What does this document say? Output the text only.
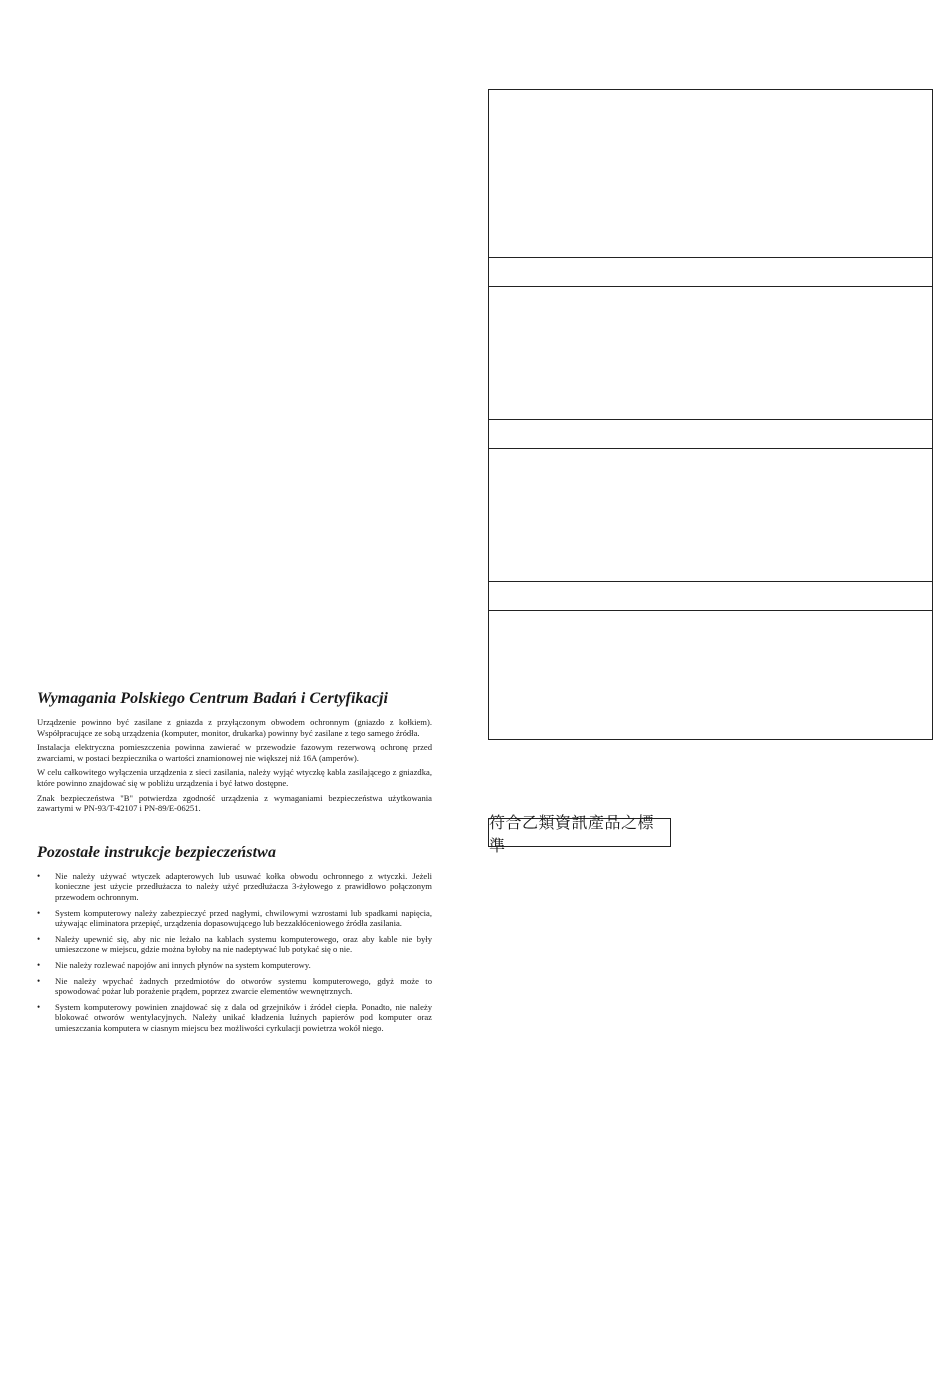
Wymagania Polskiego Centrum Badań i Certyfikacji

Urządzenie powinno być zasilane z gniazda z przyłączonym obwodem ochronnym (gniazdo z kołkiem). Współpracujące ze sobą urządzenia (komputer, monitor, drukarka) powinny być zasilane z tego samego źródła.

Instalacja elektryczna pomieszczenia powinna zawierać w przewodzie fazowym rezerwową ochronę przed zwarciami, w postaci bezpiecznika o wartości znamionowej nie większej niż 16A (amperów).

W celu całkowitego wyłączenia urządzenia z sieci zasilania, należy wyjąć wtyczkę kabla zasilającego z gniazdka, które powinno znajdować się w pobliżu urządzenia i być łatwo dostępne.

Znak bezpieczeństwa "B" potwierdza zgodność urządzenia z wymaganiami bezpieczeństwa użytkowania zawartymi w PN-93/T-42107 i PN-89/E-06251.

Pozostałe instrukcje bezpieczeństwa
• Nie należy używać wtyczek adapterowych lub usuwać kołka obwodu ochronnego z wtyczki. Jeżeli konieczne jest użycie przedłużacza to należy użyć przedłużacza 3-żyłowego z prawidłowo połączonym przewodem ochronnym.
• System komputerowy należy zabezpieczyć przed nagłymi, chwilowymi wzrostami lub spadkami napięcia, używając eliminatora przepięć, urządzenia dopasowującego lub bezzakłóceniowego źródła zasilania.
• Należy upewnić się, aby nic nie leżało na kablach systemu komputerowego, oraz aby kable nie były umieszczone w miejscu, gdzie można byłoby na nie nadeptywać lub potykać się o nie.
• Nie należy rozlewać napojów ani innych płynów na system komputerowy.
• Nie należy wpychać żadnych przedmiotów do otworów systemu komputerowego, gdyż może to spowodować pożar lub porażenie prądem, poprzez zwarcie elementów wewnętrznych.
• System komputerowy powinien znajdować się z dala od grzejników i źródeł ciepła. Ponadto, nie należy blokować otworów wentylacyjnych. Należy unikać kładzenia luźnych papierów pod komputer oraz umieszczania komputera w ciasnym miejscu bez możliwości cyrkulacji powietrza wokół niego.
符合乙類資訊產品之標準
